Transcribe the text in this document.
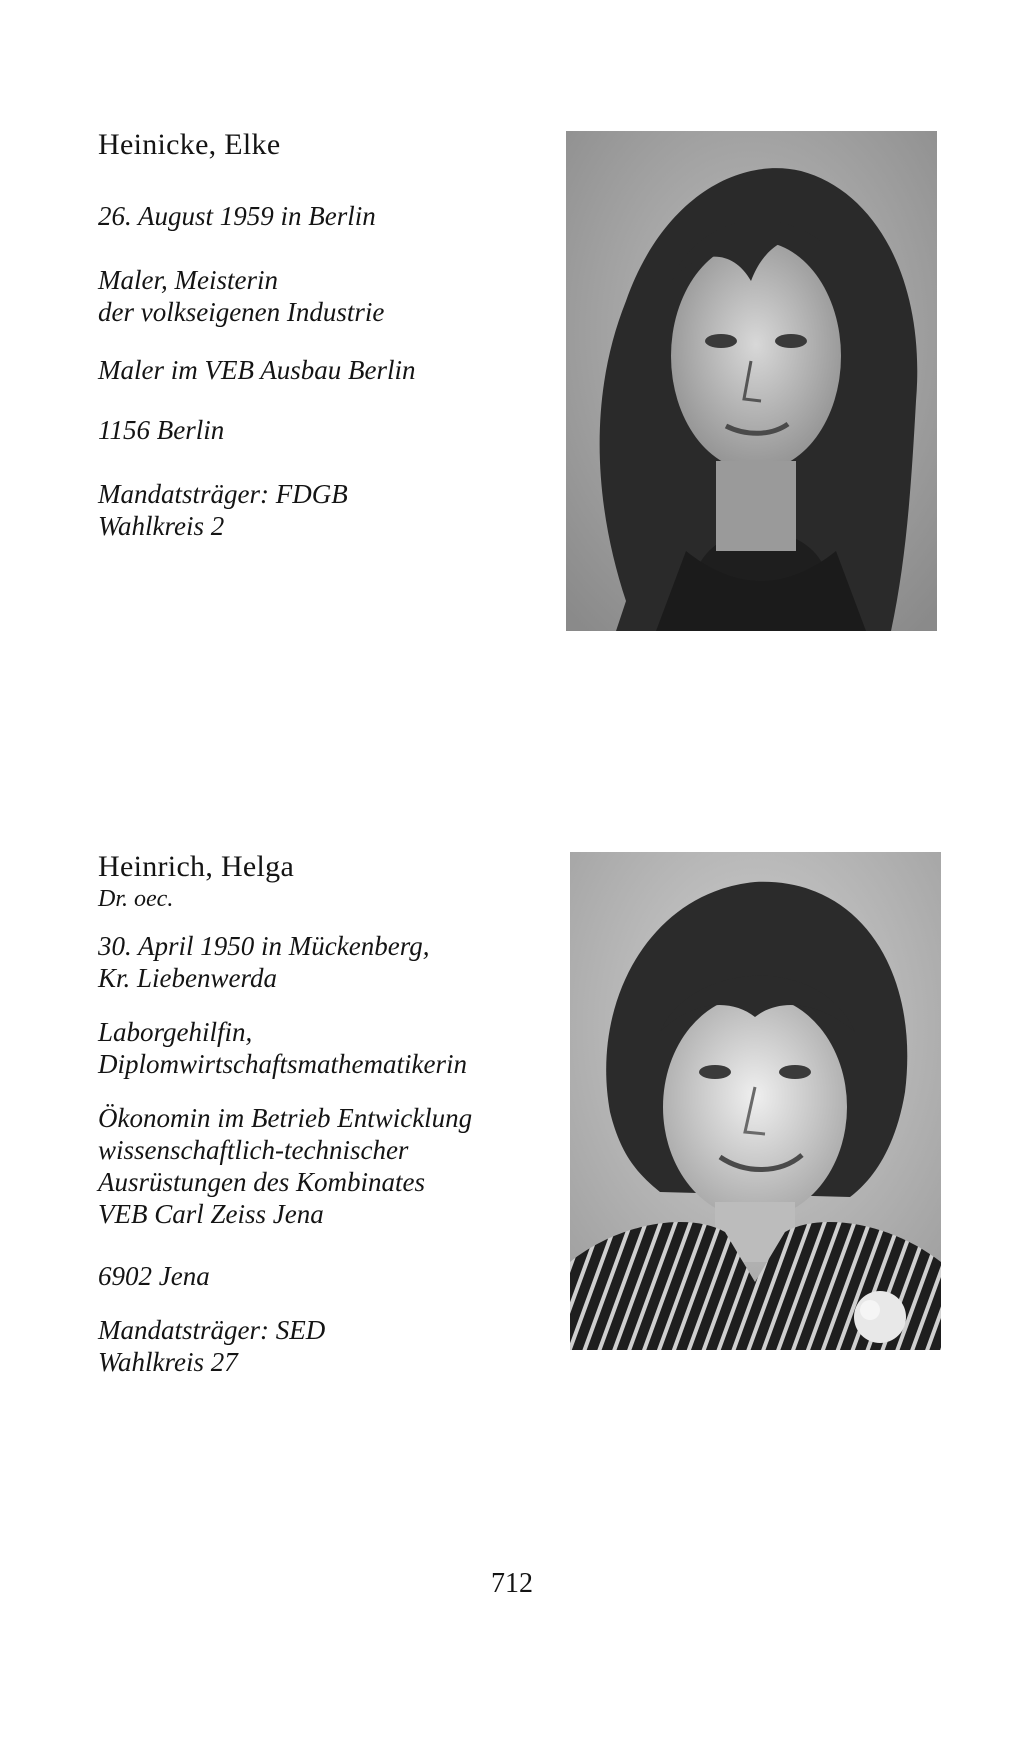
Heinicke, Elke

26. August 1959 in Berlin

Maler, Meisterin

der volkseigenen Industrie

Maler im VEB Ausbau Berlin

1156 Berlin

Mandatsträger: FDGB

Wahlkreis 2

Heinrich, Helga

Dr. oec.

30. April 1950 in Mückenberg,

Kr. Liebenwerda

Laborgehilfin,

Diplomwirtschaftsmathematikerin

Ökonomin im Betrieb Entwicklung

wissenschaftlich-technischer

Ausrüstungen des Kombinates

VEB Carl Zeiss Jena

6902 Jena

Mandatsträger: SED

Wahlkreis 27

712
